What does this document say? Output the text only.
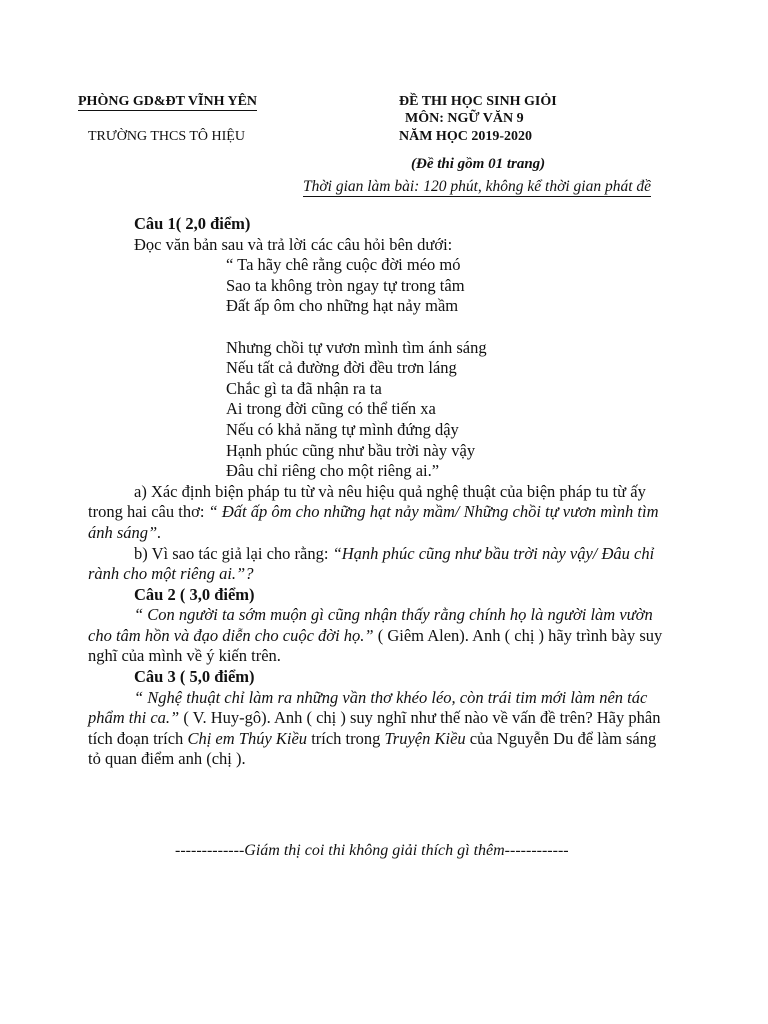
PHÒNG GD&ĐT VĨNH YÊN
TRƯỜNG THCS TÔ HIỆU
ĐỀ THI HỌC SINH GIỎI
MÔN: NGỮ VĂN 9
NĂM HỌC 2019-2020
(Đề thi gồm 01 trang)
Thời gian làm bài: 120 phút, không kể thời gian phát đề
Câu 1( 2,0 điểm)
Đọc văn bản sau và trả lời các câu hỏi bên dưới:
“ Ta hãy chê rằng cuộc đời méo mó
Sao ta không tròn ngay tự trong tâm
Đất ấp ôm cho những hạt nảy mầm
Nhưng chồi tự vươn mình tìm ánh sáng
Nếu tất cả đường đời đều trơn láng
Chắc gì ta đã nhận ra ta
Ai trong đời cũng có thể tiến xa
Nếu có khả năng tự mình đứng dậy
Hạnh phúc cũng như bầu trời này vậy
Đâu chỉ riêng cho một riêng ai.”
a) Xác định biện pháp tu từ và nêu hiệu quả nghệ thuật của biện pháp tu từ ấy trong hai câu thơ: “ Đất ấp ôm cho những hạt nảy mầm/ Những chồi tự vươn mình tìm ánh sáng”.
b) Vì sao tác giả lại cho rằng: “Hạnh phúc cũng như bầu trời này vậy/ Đâu chỉ rành cho một riêng ai.”?
Câu 2 ( 3,0 điểm)
“ Con người ta sớm muộn gì cũng nhận thấy rằng chính họ là người làm vườn cho tâm hồn và đạo diễn cho cuộc đời họ.” ( Giêm Alen). Anh ( chị ) hãy trình bày suy nghĩ của mình về ý kiến trên.
Câu 3 ( 5,0 điểm)
“ Nghệ thuật chỉ làm ra những vần thơ khéo léo, còn trái tim mới làm nên tác phẩm thi ca.” ( V. Huy-gô). Anh ( chị ) suy nghĩ như thế nào về vấn đề trên? Hãy phân tích đoạn trích Chị em Thúy Kiều trích trong Truyện Kiều của Nguyễn Du để làm sáng tỏ quan điểm anh (chị ).
-------------Giám thị coi thi không giải thích gì thêm------------
